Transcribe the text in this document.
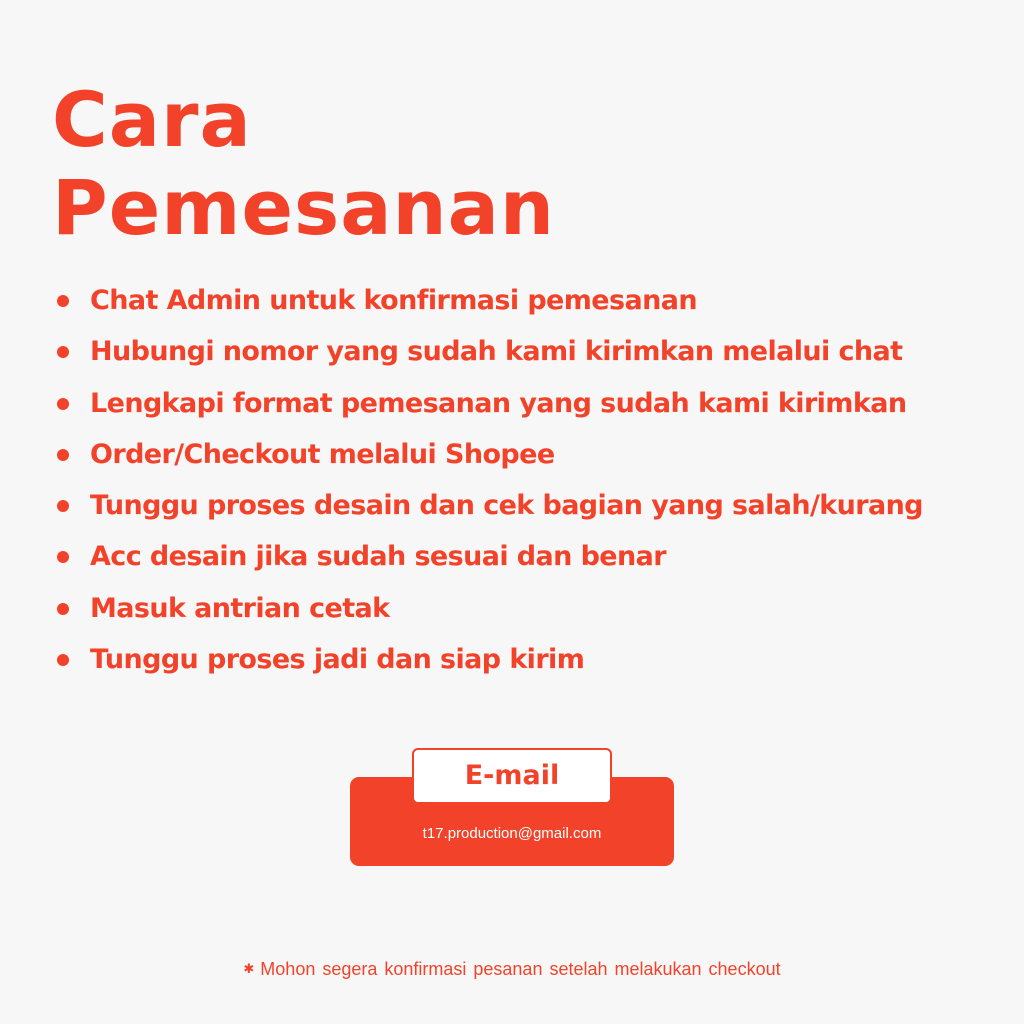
Cara
Pemesanan
Chat Admin untuk konfirmasi pemesanan
Hubungi nomor yang sudah kami kirimkan melalui chat
Lengkapi format pemesanan yang sudah kami kirimkan
Order/Checkout melalui Shopee
Tunggu proses desain dan cek bagian yang salah/kurang
Acc desain jika sudah sesuai dan benar
Masuk antrian cetak
Tunggu proses jadi dan siap kirim
E-mail
t17.production@gmail.com
✱ Mohon segera konfirmasi pesanan setelah melakukan checkout
